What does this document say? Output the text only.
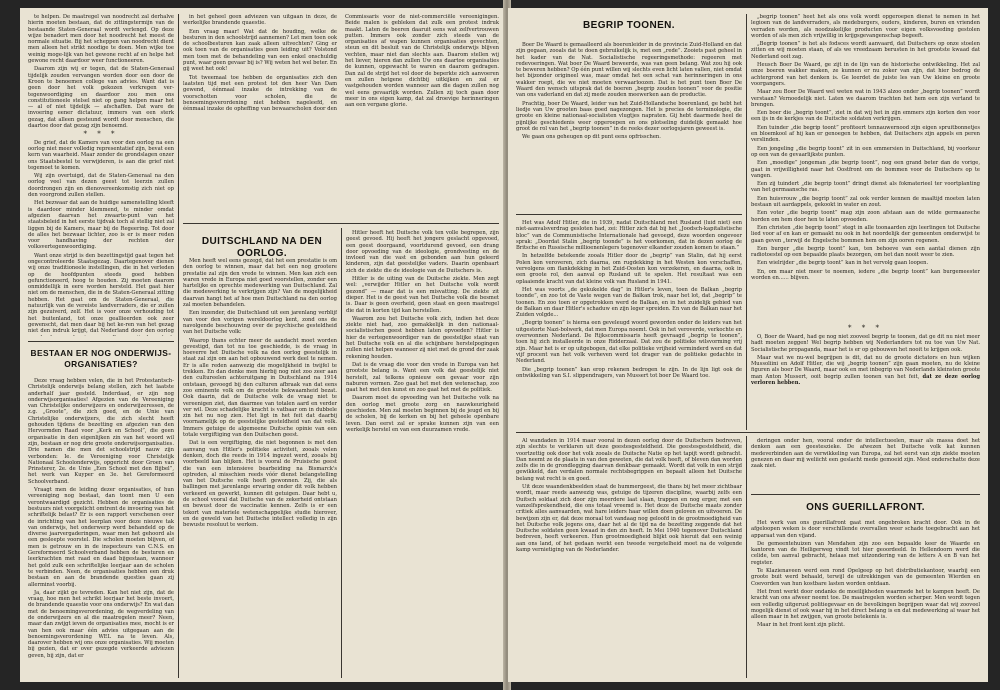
te helpen. De maatregel van noodrecht zal derhalve hierin moeten bestaan, dat de zittingstermijn van de bestaande Staten-Generaal wordt verlengd. Op deze wijze benadert men door het noodrecht het meest de normale situatie. Bij het scheppen van noodrecht dient men alleen het strikt noodige te doen. Men wijke toe weinig moge-lijk van het gewone recht af en helpe het gewone recht daardoor weer functioneeren.

Daarom zijn wij er tegen, dat de Staten-Generaal tijdelijk zouden vervangen worden door een door de Kroon te benoemen college van advies. Want dat is geen door het volk gekozen verkregen ver-tegenwoordiging en daardoor zou men ons constitutioneele stelsel niet op gang helpen maar het — al of niet tijdelijk — afschaffen. Dat ware de invoering eener dictatuur, immers van een sterk gezag, dat alleen gesteund wordt door menschen, die daartoe door dat gezag zijn benoemd.

* * *

De grief, dat de Kamers van voor den oorlog na een oorlog niet meer volledig representatief zijn, bevat een kern van waarheid. Maar zonder de grondslagen onzer ons Staatsbestel te verwijderen, is aan die grief niet tegemoet te komen.

Wij zijn overtuigd, dat de Staten-Generaal na den oorlog veel van dezen geest tot leerzin zullen doordrongen zijn en dienovereenkomstig zich niet op den voorgrond zullen stellen.

Het bezwaar dat aan de huidige samenstelling kleeft is daardoor minder klemmend, te minder omdat afgezien daarvan het zwaarte-punt van het staatsbeleid in het eerste tijdvak toch al stellig niet zal liggen bij de Kamers, maar bij de Regeering. Tot door de alles het bezwaar lichter, zoo is er is meer reden voor handhaving der rechten der volksvertegenwoordiging.

Want onze strijd is den bezettingstijd gaat tegen het ongecontroleerde Staatsgezag. Daartegenover dienen wij onze traditioneele instellingen, die in het verleden op de hoofdpunten steeds goed hebben gefunctioneerd, hoog te houden. Zij moeten daarom onmiddellijk in eere worden hersteld. Het gaat hier niet om de menschen, die in de Staten-Generaal zitting hebben. Het gaat om de Staten-Generaal, die natuurlijk van de vereiste landverraders, die er zullen zijn gezuiverd, zelf. Het is voor onze verhouding tot het buitenland, tot onze geallieerden ook zeer gewenscht, dat men daar bij het ke-ren van het gezag niet den indruk krijgt, dat Nederland door den oorlog

BESTAAN ER NOG ONDERWIJS-ORGANISATIES?

Deze vraag hebben velen, die in het Protestantsch-Christelijk onderwijs belang stellen, zich het laatste anderhalf jaar gesteld. Inderdaad, er zijn nog onderwijsorganisaties! Afgezien van de Vereeniging van Christelijke onderwijzers en onderwijzeressen, de z.g. „Groote”, die zich goed, en de Unie van Christelijke onderwijzers, die zich slecht heeft gehouden tijdens de bezetting en afgezien van den Hervormden Raad voor „Kerk en School”, die geen organisatie in den eigenlijken zin van het woord wil zijn, bestaan er nog drie groote onderwijsorganisaties. Drie namen die men det schoolstrijd nauw zijn verbonden: Ie. de Vereeniging voor Christelijk Nationaal Schoolonderwijs, opgericht door Groen van Prinsterer, 2e. de Unie „Een School met den Bijbel”, het werk van Kuyper en 3e. het Gereformeerd Schoolverband.

Vraagt men de leiding dezer organisaties, of hun vereeniging nog bestaat, dan toont men U een verontwaardigd gezicht. Hebben de organisaties de bestuurs niet voorgelicht omtrent de invoering van het schriftelijk belast? Er is een rapport verschenen over de inrichting van het leerplan voor deze nieuwe tak van onderwijs, het onderwerp werd behandeld op de diverse jaarvergaderingen, waar men het gehoord als een gesleepte voorstel. Die scholen moeten blijven, of men is getrouw en in de inspecteurs van C.N.S. en Gereformeerd Schoolverband hebben de besturen en leerkrachten met raad en daad bijgestaan, wanneer het gold zulk een schriftelijke leerjaar aan de scholen te verbinden. Neen, de organisaties hebben een druk bestaan en aan de brandende questies gaan zij allerminst voorbij.

Ja, daar zijkt ge tevreden. Kan het niet zijn, dat de vraag, hoe men het schrikt leerjaar het beste invoert, de brandende quaestie voor ons onderwijs? En wat dan met de benoemingsverordening, de wegverdeling van de onderwijzers en al die maatregelen meer? Neen, maar dan zwijgt ieven de organisaties mee, mocht is er van hen ook maar één advies uitgegaan aan de benoemingsverordening WEL na te leven. Als, daarover hebben wij ons onze organisaties. Wij moeten bij gezien, dat er over gezegde verkeerde adviezen geven, bij zijn, dat er

in het geheel geen adviezen van uitgaan in deze, de werkelijke brandende quaestie.

Een vraag maar! Wat dat de houding, welke de besturen in den schoolstrijd aannemen? Let men toen ook de schoolbesturen kan zaak alleen uitvechten? Ging er ook toen van de organisaties geen leiding uit? Volstond men toen met de behandeling van een enkel onschuldig punt, waar geen gevaar bij is? Wij weten het wel beter. En gij weet het ook!

Tot tweemaal toe hebben de organisaties zich den laatsten tijd met een protest tot den heer Van Dam gewend, éénmaal inzake de intrekking van de voorschotten voor scholen, die de benoemingsverordening niet hebben nageleefd, en éénmaal inzake de opheffing van bewaarscholen door den Commissaris voor de niet-commerciële vereenigingen. Beide malen is gebleken dat zulk een protest indruk maakt. Laten de beeren daaruit eens wat zelfvertrouwen putten. Immers ook zonder zich steeds van de organisaties af wapen kunnen organisaties gevechten, steun en dit besluit van de Christelijk onderwijs blijven vechten, maar niet dan slechts aan. Daarom stellen wij het liever, hieren dan zullen Uw ons daartoe organisaties de kunnen, opgewacht te waren en daarom gedragen. Dan zal de strijd het vol door de beperkte zich aanvoeren en zullen hetgene dichtbij uitkijken en zal er vastgehouden worden wanneer aan die dagen zullen nog wel eens gevaarlijk worden. Zullen zij toch gaan door meer in ons eigen kamp, dat zal droevige herinneringen aan een vergane glorie.

DUITSCHLAND NA DEN OORLOG.

Men heeft wel eens gezegd, dat het een prestatie is om den oorlog te winnen, maar dat het een nog grootere prestatie zal zijn den vrede te winnen. Men kan zich een waren vrede in Europa niet goed voorstellen, zonder een hartelijke en oprechte medewerking van Duitschland. Zal die medewerking te verkrijgen zijn? Van de mogelijkheid daarvan hangt het af hoe men Duitschland na den oorlog zal moeten behandelen.

Een inzender, die Duitschland uit een jarenlang verblijf van voor den vorigen wereldoorlog kent, zond ons de navolgende beschouwing over de psychische gesteldheid van het Duitsche volk:

Waarop thans echter meer de aandacht moet worden gevestigd, dan tot nu toe geschiedde, is de vraag in hoeverre het Duitsche volk na den oorlog geestelijk in staat zal zijn om aan het opbouwend werk deel te nemen. Er is alle reden aanwezig die mogelijkheid in twijfel te trekken. En dan denke men hierbij nog niet zoo zeer aan den cultureelen achteruitgang in Duitschland na 1914 ontstaan, gevoegd bij den culturen afbraak van dat eens zoo eminente volk om de grootste bekwaamheid bezat. Ook daarin, dat de Duitsche volk de vraag niet te vereenigen ziet, dan daarmee van totalen aard en verder ver wil. Deze schadelijke kracht is vatbaar om in dubbele zin het nu nog zien. Het ligt in het feit dat daarbij voornamelijk op de geestelijke gesteldheid van dat volk. Immers getuige de algemeene Duitsche opinie van een totale vergiftiging van den Duitschen geest.

Dat is een vergiftiging, die niet begonnen is met den aanvang van Hitler's politieke activiteit, zooals velen denken, doch die reeds in 1914 ingezet werd, zooals bij voorbeeld kan blijken. Het is vooral de Pruisische geest die van een intensieve bearbeiding na Bismarck's optreden, al misschien reeds vóór dienst belangstelling van het Duitsche volk heeft gewonnen. Zij, die als ballingen met jarenlange ervaring onder dit volk hebben verkeerd en gewerkt, kunnen dit getuigen. Daar hebt u, de school vooral dat Duitsche van de zekerheid ontstaan en bewust door de vaccinatie kennen. Zelfs is er een tekort van materiele wetenschappelijke studie hierover, en de geweld van het Duitsche intellect volledig in zijn bewuste resoluut te werken.

Hitler heeft het Duitsche volk ten volle begrepen, zijn geest gevoed. Hij heeft het jongere geslacht opgevoed, een geest doorgaand, voortdurend gevoed, een drang door opvoeding van de ideologie, grondvesting en de invloed van die vast en gebonden aan hun geleerd kinderen, zijn dat geestelijke vaders. Daarin openbaart zich de ziekte die de ideologie van de Duitschers is.

Hitler is de uiting van de Duitsche ziekte. Men zegt wel: „verwijder Hitler en het Duitsche volk wordt gezond” — maar dat is een misvatting. De ziekte zit dieper. Het is de geest van het Duitsche volk die besmet is. Daar is geen overheid, geen staat en geen maatregel die dat in korten tijd kan herstellen.

Waarom zou het Duitsche volk zich, indien het deze ziekte niet had, zoo gemakkelijk in den nationaal-socialistischen geest hebben laten opvoeden? Hitler is hier de vertegenwoordiger van de geestelijke staat van het Duitsche volk en al die schijnbare herstelpogingen zullen niet helpen wanneer zij niet met de grond der zaak rekening houden.

Dat is de vraag die voor den vrede in Europa van het grootste belang is. Want een volk dat geestelijk niet herstelt, zal telkens opnieuw een gevaar voor zijn naburen vormen. Zoo gaat het met den wetenschap, zoo gaat het met den kunst en zoo gaat het met de politiek.

Daarom moet de opvoeding van het Duitsche volk na den oorlog met groote zorg en nauwkeurigheid geschieden. Men zal moeten beginnen bij de jeugd en bij de scholen, bij de kerken en bij het geheele openbare leven. Dan eerst zal er sprake kunnen zijn van een werkelijk herstel en van een duurzamen vrede.

BEGRIP TOONEN.

Boer De Waard is gemaalleerd als boerenleider in de provincie Zuid-Holland en dat zijn gegaan, zooals dat te doen gebruikelijk is, met een „rede”. Zooiets past geheel in het kader van de Nat. Socialistische regeeringsmethode: regeeren met redevoeringen. Wat boer De Waard beweerde, was van geen belang. Wat zou hij ook te beweren hebben? Op één punt willen wij slechts even licht laten vallen, niet omdat het bijzonder origineel was, maar omdat het een schat van herinneringen in ons wakker roept, die we niet moeten verwaarloozen. Dat is het punt toen Boer De Waard den wensch uitsprak dat de boeren „begrip zouden toonen” voor de positie van ons vaderland en dat zij mede zouden meewerken aan de productie.

Prachtig, boer De Waard, leider van het Zuid-Hollandsche boerenland, ge hebt het liedje van Uw grooten baas goed nagezongen. Het is precies de terminologie, die groote en kleine nationaal-socialisten vlugtjes napraten. Gij hebt daarmede heel de pijnlijke geschiedenis weer opgeroepen en ons plotseling duidelijk gemaakt hoe groot de rol van het „begrip toonen” in de reeks dezer oorlogsjaren geweest is.

We gaan ons geheugen op dit punt eens opfrisschen.

Het was Adolf Hitler, die in 1939, nadat Duitschland met Rusland (luid niet) een niet-aanvalsverdrag gesloten had, zei: Hitler zich dat bij het „Joodsch-kapitalistische bloc” van de Communistische Internationale had gevoegd, deze woorden ongeveer sprak: „Doordat Stalin „begrip toonde” is het voorkomen, dat in dezen oorlog de Britsche en Russische millioenenlegers tegenover elkander zouden komen te staan.”

In hetzelfde betekende zooals Hitler door de „begrip” van Stalin, dat hij eerst Polen kon veroveren, zich daarna, om rugdekking in het Westen kon verschaffen, vervolgens om flankdekking in het Zuid-Oosten kon verzekeren, en daarna, ook in een groote rol, den aanval op Rusland uit te spelen. Het resultaat was een oplaaiende kracht van dat kleine volk van Rusland in 1941.

Het was voorts „de gekukelde dag” in Hitler's leven, toen de Balkan „begrip toonde”, en zoo tot de Vaste wegen van de Balkan trok, naar het lot, dat „begrip” te toonen. En zoo toen er opgetrokken werd de Balkan, en in het zuidelijk gebied van de Balkan en daar Hitler's schaduw en zijn leger spreiden. En van de Balkan naar het Zuiden volgde...

„Begrip toonen” is hierna een geveleugd woord geworden onder de leiders van het uitgestorte Nazi-bolwerk, dat men Europa noemt. Ook in het veroverde, verkochte en overwonnen Nederland. De Rijkscommissaris heeft gevraagd „begrip te toonen”, toen hij zich installeerde in onze Ridderzaal. Dat zou de politieke wilsvorming vrij zijn. Maar het is er op uitgebogen, dat elke politieke vrijheid verminderd werd en dat vijf procent van het volk verheven werd tot drager van de politieke gedachte in Nederland.

Die „begrip toonen” kan erop rekenen bedrogen te zijn. In de lijn ligt ook de ontwikkeling van S.I. slippendragers, van Mussert tot boer De Waard toe.

„begrip toonen” heet het als ons volk wordt opgeroepen dienst te nemen in het legioen van de landverraders, als medeburgers, ouders, kinderen, buren en vrienden verraden worden, als noodzakelijke producten voor eigen volksvoeding gestolen worden of als men zich vrijwillig in krijgsgevangenschap begeeft.

„Begrip toonen” is het als fodsces wordt aanvaard, dat Duitschers op onze stoelen zitten en wij moeten staan, of als we vreedzaam berusten in het grootste kwaad dat Nederland ooit zag.

Heusch Boer De Waard, ge zijt in de lijn van de historische ontwikkeling. Het zal onze boeren wakker maken, ze kunnen er nu zoker van zijn, dat hier bedrog de achtergrond van het denken is. Ge leerdet de juiste les van Uw kleine en groote voorgangers.

Maar zou Boer De Waard wel weten wat in 1943 alzoo onder „begrip toonen” wordt verstaan? Vernoedelijk niet. Laten we daarom trachten het hem een zijn vertand te brengen.

Een boer die „begrip toont”, ziet in dat wij het in zijn emmers zijn korten den voor een ijs in de kerkjes van de Duitsche soldaten verkrijgen.

Een tuinder „die begrip toont” profiteert tennauwernood zijn eigen spruitbonnetjes en bloemkool af hij kan er genoegen te hebben, dat Duitschers zijn appels en peren verslinden.

Een jongeling „die begrip toont” zit in een emmersien in Duitschland, bij voorkeur op een van de gevaarlijkste punten.

Een „moedige” jongeman „die begrip toont”, nog een grand beter dan de vorige, gaat in vrijwilligheid naar het Oostfront om de bommen voor de Duitschers op te vangen.

Een zij tuindert „die begrip toont” dringt dienst als fokmaterieel ter voortplanting van het germaansche ras.

Een huisvrouw „die begrip toont” zal ook verder kennen de maaltijd moeten laten bestaan uit aardappels, gekookt in water en zout.

Een voter „die begrip toont” mag zijn zoon afstaan aan de wilde germaansche horden om hem door hen te laten opvoeden.

Een christen „die begrip toont” stegt in alle toonaarden zijn leerlingen tot Duitsche lied voor af en kan er gemaakt nu ook in het noordelijk der gemeenten omderwijst te gaan geven „terwijl de Engelsche bommen hem om zijn ooren regenen.

Een burger „die begrip toont” kan, ten behoeve van een aantal dienen zijn radiotoestel op een bepaalde plaats bezorgen, om het dan nooit weer te zien.

Een wielrijder „die begrip toont” kan in het vervolg gaan loopen.

En, om maar niet meer te noemen, iedere „die begrip toont” kan burgemeester worden en...... blijven.

* * *

O, Boer de Waard, had ge nog niet zooveel begrip te toonen, dat ge dit nu niet meer hadt moeten zeggen! Wel begrip hebben wij Nederlanders tot nu toe van Uw Nat. Socialistische propaganda, maar het is er op gebouwen het nooit te krijgen ook.

Maar wat we nu-wel begrijpen is dit, dat nu de groote dictators en hun wijken Mussoliini en Adolf Hitler, die wij „begrip toonen” zijn gaan moeten, nu de kleine figuren als boer De Waard, maar ook en met inbegrip van Nederlands kleinsten groote man Anton Mussert, ooit begrip zullen toonen van het feit, dat ze deze oorlog verloren hebben.

Al wandaden in 1914 maar vooral in dezen oorlog door de Duitschers bedreven, zijn slechts te verklaren uit deze geestesgesteldheid. Die geestesgesteldheid, die voortzettig ook door het volk zooals de Duitsche Natie op het tapijt wordt gebracht. Dan neemt ze de plaats in van den geweten, die dat volk heeft, of bleven dan worden zelfs die in de grondlegging daarvan denkbaar gemaakt. Wordt dat volk in een strijd gewikkeld, dan verdalen normale rechtsbegrippen en bepaalt alleen het Duitsche belang wat recht is en goed.

Uit deze waandenkbeelden staat de hummergeest, die thans bij het meer zichtbaar wordt, maar reeds aanwezig was, getuige de tijzeren discipline, waarbij zelfs een Duitsch soldaat zich door zijn meerdere laat slaan, trappen en nog erger, met een vanzelfsprekendheid, die ons totaal vreemd is. Het deze de Duitsche maats zonder critiek alles aanvaarden, wat hare leiders haar willen doen geloven en uitvoeren. De bewijzen zijn er, dat deze moraal tot vandaag nog geloofd in de grootmoedigheid van het Duitsche volk jegens ons, daar het al de tijd na de bezetting zeggende dat het Duitsche soldaten geen kwaad in den zin heeft. In Mei 1940 tegenover Duitschland bedreven, heeft verkeeren. Hun grootmoedigheid blijkt ook hieruit dat een weinig aan ons land, of het gedaan werkt een tweede vergetelheid moet na de volgende kamp vernietiging van de Nederlander.

deringen onder hen, vooral onder de intellectueelen, maar als massa doet het denken aan een geesteszieke. De afwezen het Duitsche volk kat kunnen medeverbinden aan de verwikkeling van Europa, zal het eerst van zijn ziekte moeten genezen en daar mij weliicht een geslacht mede gemoeid zijn. Mest onderschatte deze zaak niet.

ONS GUERILLAFRONT.

Het werk van ons guerillafront gaat met ongebroken kracht door. Ook in de afgeloopen weken is door verschillende overvallen weer schade toegebracht aan het apparaat van den vijand.

De gemeentehuizen van Mendahen zijn zoo een bepaalde keer de Waarde en kantoren van de Heiligerweg vindt tot hier geoordeeld. In Hellendoorn werd die celide, ten aanval gebracht, helaas met uitzondering van de letters A en B van het register.

Te Klazienaveen werd een rond Opelgeep op het distributiekantoor, waarbij een groote buit werd behaald, terwijl de uitrekkingen van de gemeenten Wierden en Coevorden van hun kostbare lasten worden ontdaan.

Het front werkt door ondanks de moeilijkheden waarmede het te kampen heeft. De kracht van ons afweer neemt toe. De maatregelen worden scherper. Men wordt tegen een volledig uitgerust politiegevaar en de bevolkingen begrijpen waar dat wij zooveel mogelijk dienst of ook waar hij in het direct belang is en dat medewerking al waar het alleen maar in het zwijgen, van groote betekenis is.

Maar in het front kent zijn plicht.
